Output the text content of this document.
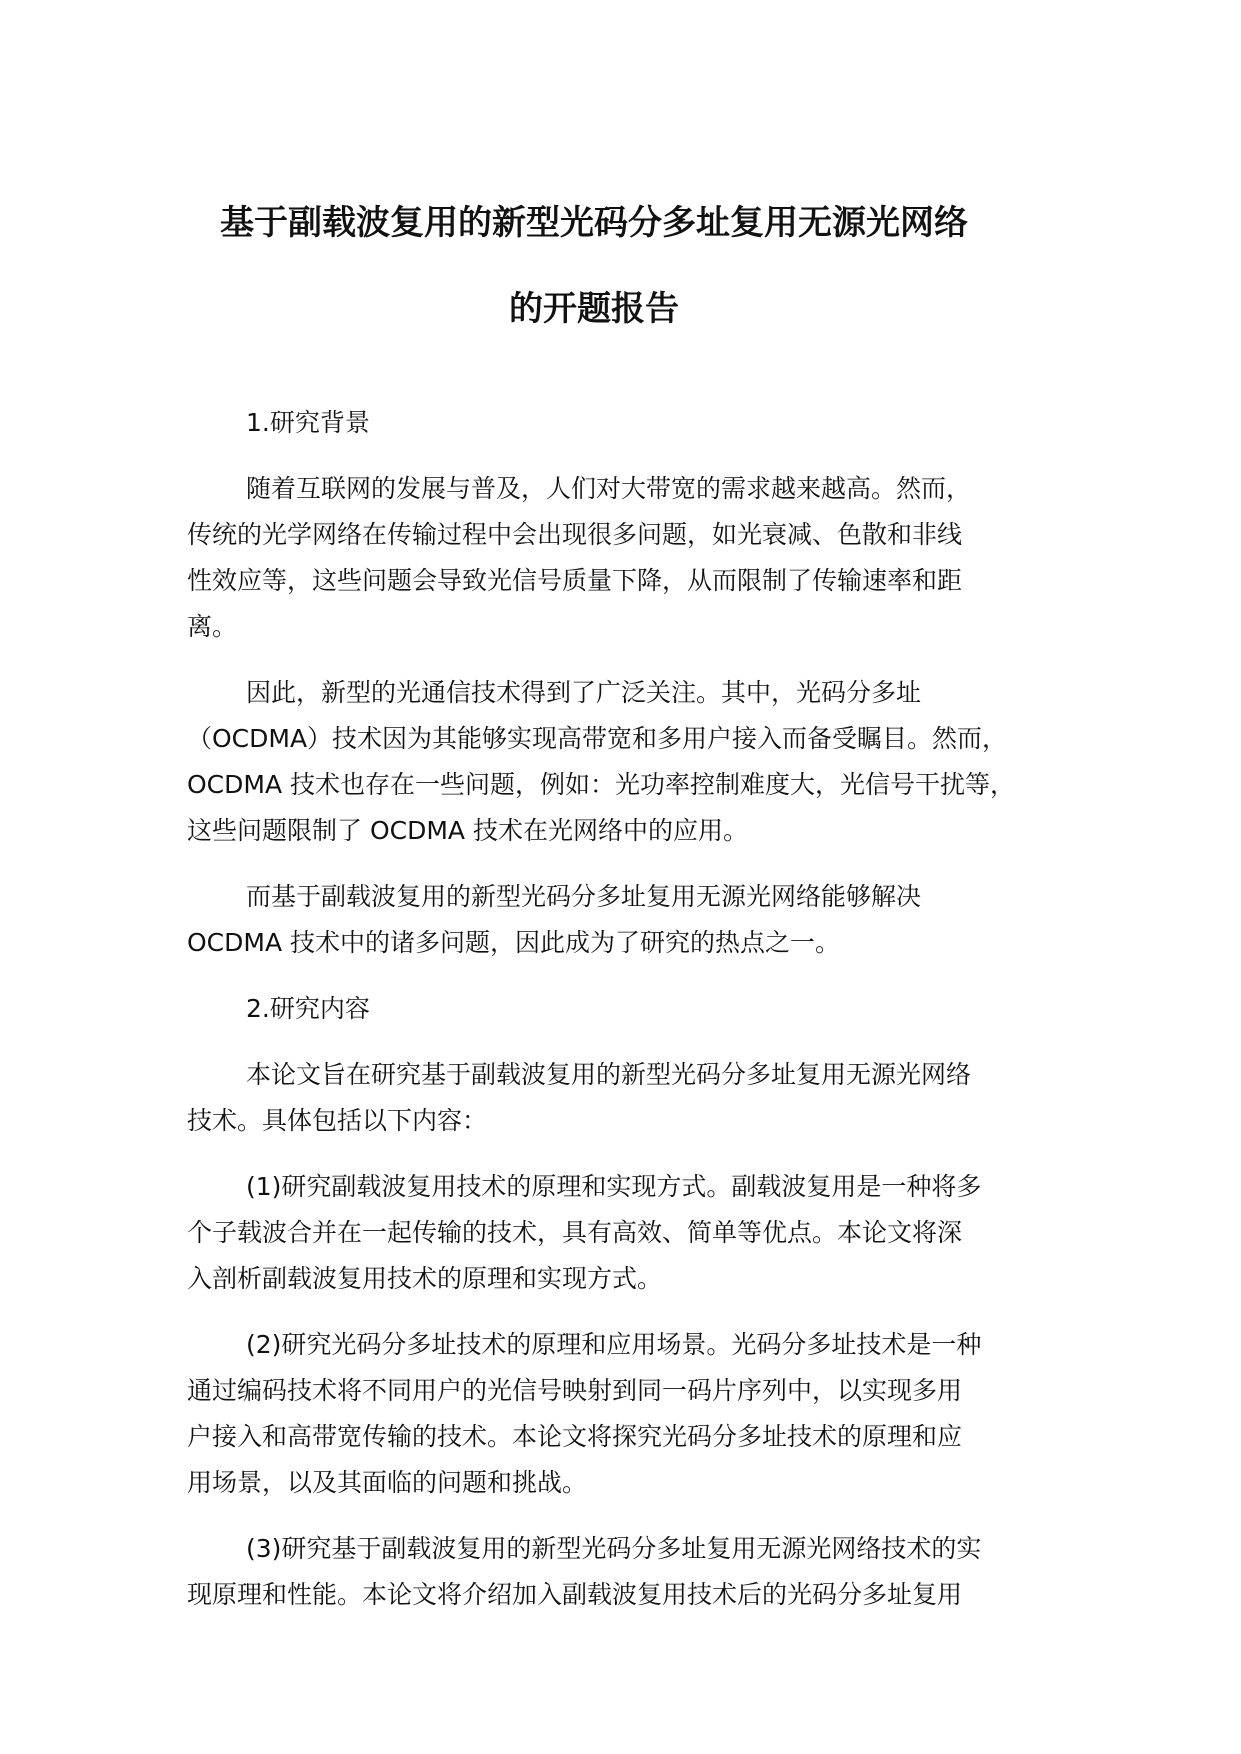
基于副载波复用的新型光码分多址复用无源光网络
的开题报告
1.研究背景
随着互联网的发展与普及，人们对大带宽的需求越来越高。然而，
传统的光学网络在传输过程中会出现很多问题，如光衰减、色散和非线
性效应等，这些问题会导致光信号质量下降，从而限制了传输速率和距
离。
因此，新型的光通信技术得到了广泛关注。其中，光码分多址
（OCDMA）技术因为其能够实现高带宽和多用户接入而备受瞩目。然而，
OCDMA 技术也存在一些问题，例如：光功率控制难度大，光信号干扰等，
这些问题限制了 OCDMA 技术在光网络中的应用。
而基于副载波复用的新型光码分多址复用无源光网络能够解决
OCDMA 技术中的诸多问题，因此成为了研究的热点之一。
2.研究内容
本论文旨在研究基于副载波复用的新型光码分多址复用无源光网络
技术。具体包括以下内容：
(1)研究副载波复用技术的原理和实现方式。副载波复用是一种将多
个子载波合并在一起传输的技术，具有高效、简单等优点。本论文将深
入剖析副载波复用技术的原理和实现方式。
(2)研究光码分多址技术的原理和应用场景。光码分多址技术是一种
通过编码技术将不同用户的光信号映射到同一码片序列中，以实现多用
户接入和高带宽传输的技术。本论文将探究光码分多址技术的原理和应
用场景，以及其面临的问题和挑战。
(3)研究基于副载波复用的新型光码分多址复用无源光网络技术的实
现原理和性能。本论文将介绍加入副载波复用技术后的光码分多址复用
